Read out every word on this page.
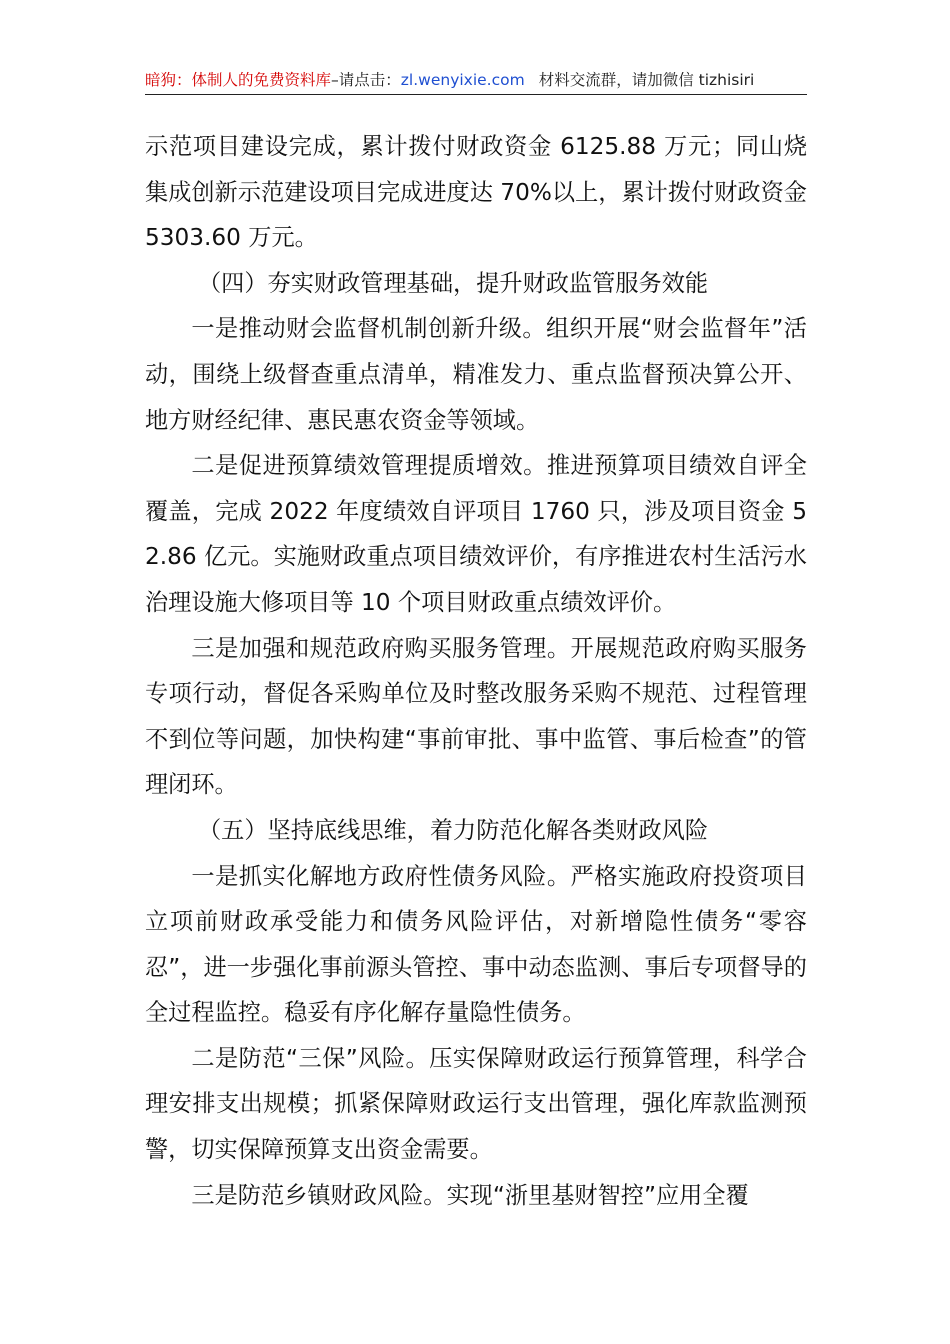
暗狗：体制人的免费资料库–请点击：zl.wenyixie.com 材料交流群，请加微信 tizhisiri

示范项目建设完成，累计拨付财政资金 6125.88 万元；同山烧集成创新示范建设项目完成进度达 70%以上，累计拨付财政资金 5303.60 万元。

（四）夯实财政管理基础，提升财政监管服务效能

一是推动财会监督机制创新升级。组织开展“财会监督年”活动，围绕上级督查重点清单，精准发力、重点监督预决算公开、地方财经纪律、惠民惠农资金等领域。

二是促进预算绩效管理提质增效。推进预算项目绩效自评全覆盖，完成 2022 年度绩效自评项目 1760 只，涉及项目资金 52.86 亿元。实施财政重点项目绩效评价，有序推进农村生活污水治理设施大修项目等 10 个项目财政重点绩效评价。

三是加强和规范政府购买服务管理。开展规范政府购买服务专项行动，督促各采购单位及时整改服务采购不规范、过程管理不到位等问题，加快构建“事前审批、事中监管、事后检查”的管理闭环。

（五）坚持底线思维，着力防范化解各类财政风险

一是抓实化解地方政府性债务风险。严格实施政府投资项目立项前财政承受能力和债务风险评估，对新增隐性债务“零容忍”，进一步强化事前源头管控、事中动态监测、事后专项督导的全过程监控。稳妥有序化解存量隐性债务。

二是防范“三保”风险。压实保障财政运行预算管理，科学合理安排支出规模；抓紧保障财政运行支出管理，强化库款监测预警，切实保障预算支出资金需要。

三是防范乡镇财政风险。实现“浙里基财智控”应用全覆
